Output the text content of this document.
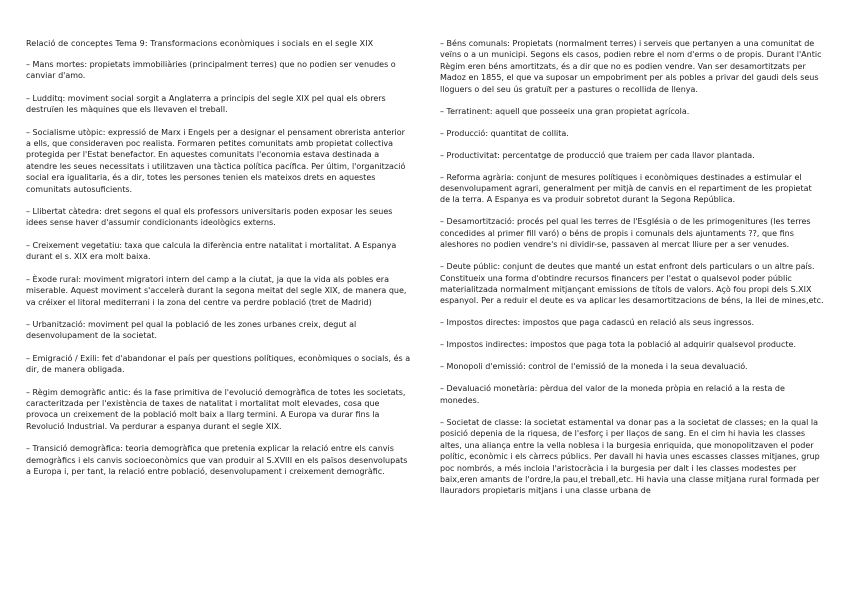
Relació de conceptes Tema 9: Transformacions econòmiques i socials en el segle XIX

– Mans mortes: propietats immobiliàries (principalment terres) que no podien ser venudes o canviar d'amo.

– Ludditq: moviment social sorgit a Anglaterra a principis del segle XIX pel qual els obrers destruïen les màquines que els llevaven el treball.

– Socialisme utòpic: expressió de Marx i Engels per a designar el pensament obrerista anterior a ells, que consideraven poc realista. Formaren petites comunitats amb propietat collectiva protegida per l'Estat benefactor. En aquestes comunitats l'economia estava destinada a atendre les seues necessitats i utilitzaven una tàctica política pacífica. Per últim, l'organització social era igualitaria, és a dir, totes les persones tenien els mateixos drets en aquestes comunitats autosuficients.

– Llibertat càtedra: dret segons el qual els professors universitaris poden exposar les seues idees sense haver d'assumir condicionants ideològics externs.

– Creixement vegetatiu: taxa que calcula la diferència entre natalitat i mortalitat. A Espanya durant el s. XIX era molt baixa.

– Èxode rural: moviment migratori intern del camp a la ciutat, ja que la vida als pobles era miserable. Aquest moviment s'accelerà durant la segona meitat del segle XIX, de manera que, va créixer el litoral mediterrani i la zona del centre va perdre població (tret de Madrid)

– Urbanització: moviment pel qual la població de les zones urbanes creix, degut al desenvolupament de la societat.

– Emigració / Exili: fet d'abandonar el país per questions polítiques, econòmiques o socials, és a dir, de manera obligada.

– Règim demogràfic antic: és la fase primitiva de l'evolució demogràfica de totes les societats, caracteritzada per l'existència de taxes de natalitat i mortalitat molt elevades, cosa que provoca un creixement de la població molt baix a llarg termini. A Europa va durar fins la Revolució Industrial. Va perdurar a espanya durant el segle XIX.

– Transició demogràfica: teoria demogràfica que pretenia explicar la relació entre els canvis demogràfics i els canvis socioeconòmics que van produir al S.XVIII en els països desenvolupats a Europa i, per tant, la relació entre població, desenvolupament i creixement demogràfic.

– Béns comunals: Propietats (normalment terres) i serveis que pertanyen a una comunitat de veïns o a un municipi. Segons els casos, podien rebre el nom d'erms o de propis. Durant l'Antic Règim eren béns amortitzats, és a dir que no es podien vendre. Van ser desamortitzats per Madoz en 1855, el que va suposar un empobriment per als pobles a privar del gaudi dels seus lloguers o del seu ús gratuït per a pastures o recollida de llenya.

– Terratinent: aquell que posseeix una gran propietat agrícola.

– Producció: quantitat de collita.

– Productivitat: percentatge de producció que traiem per cada llavor plantada.

– Reforma agrària: conjunt de mesures polítiques i econòmiques destinades a estimular el desenvolupament agrari, generalment per mitjà de canvis en el repartiment de les propietat de la terra. A Espanya es va produir sobretot durant la Segona República.

– Desamortització: procés pel qual les terres de l'Església o de les primogenitures (les terres concedides al primer fill varó) o béns de propis i comunals dels ajuntaments ??, que fins aleshores no podien vendre's ni dividir-se, passaven al mercat lliure per a ser venudes.

– Deute públic: conjunt de deutes que manté un estat enfront dels particulars o un altre país. Constitueix una forma d'obtindre recursos financers per l'estat o qualsevol poder públic materialitzada normalment mitjançant emissions de títols de valors. Açò fou propi dels S.XIX espanyol. Per a reduir el deute es va aplicar les desamortitzacions de béns, la llei de mines,etc.

– Impostos directes: impostos que paga cadascú en relació als seus ingressos.

– Impostos indirectes: impostos que paga tota la població al adquirir qualsevol producte.

– Monopoli d'emissió: control de l'emissió de la moneda i la seua devaluació.

– Devaluació monetària: pèrdua del valor de la moneda pròpia en relació a la resta de monedes.

– Societat de classe: la societat estamental va donar pas a la societat de classes; en la qual la posició depenia de la riquesa, de l'esforç i per llaços de sang. En el cim hi havia les classes altes, una aliança entre la vella noblesa i la burgesia enriquida, que monopolitzaven el poder polític, econòmic i els càrrecs públics. Per davall hi havia unes escasses classes mitjanes, grup poc nombrós, a més incloia l'aristocràcia i la burgesia per dalt i les classes modestes per baix,eren amants de l'ordre,la pau,el treball,etc. Hi havia una classe mitjana rural formada per llauradors propietaris mitjans i una classe urbana de
